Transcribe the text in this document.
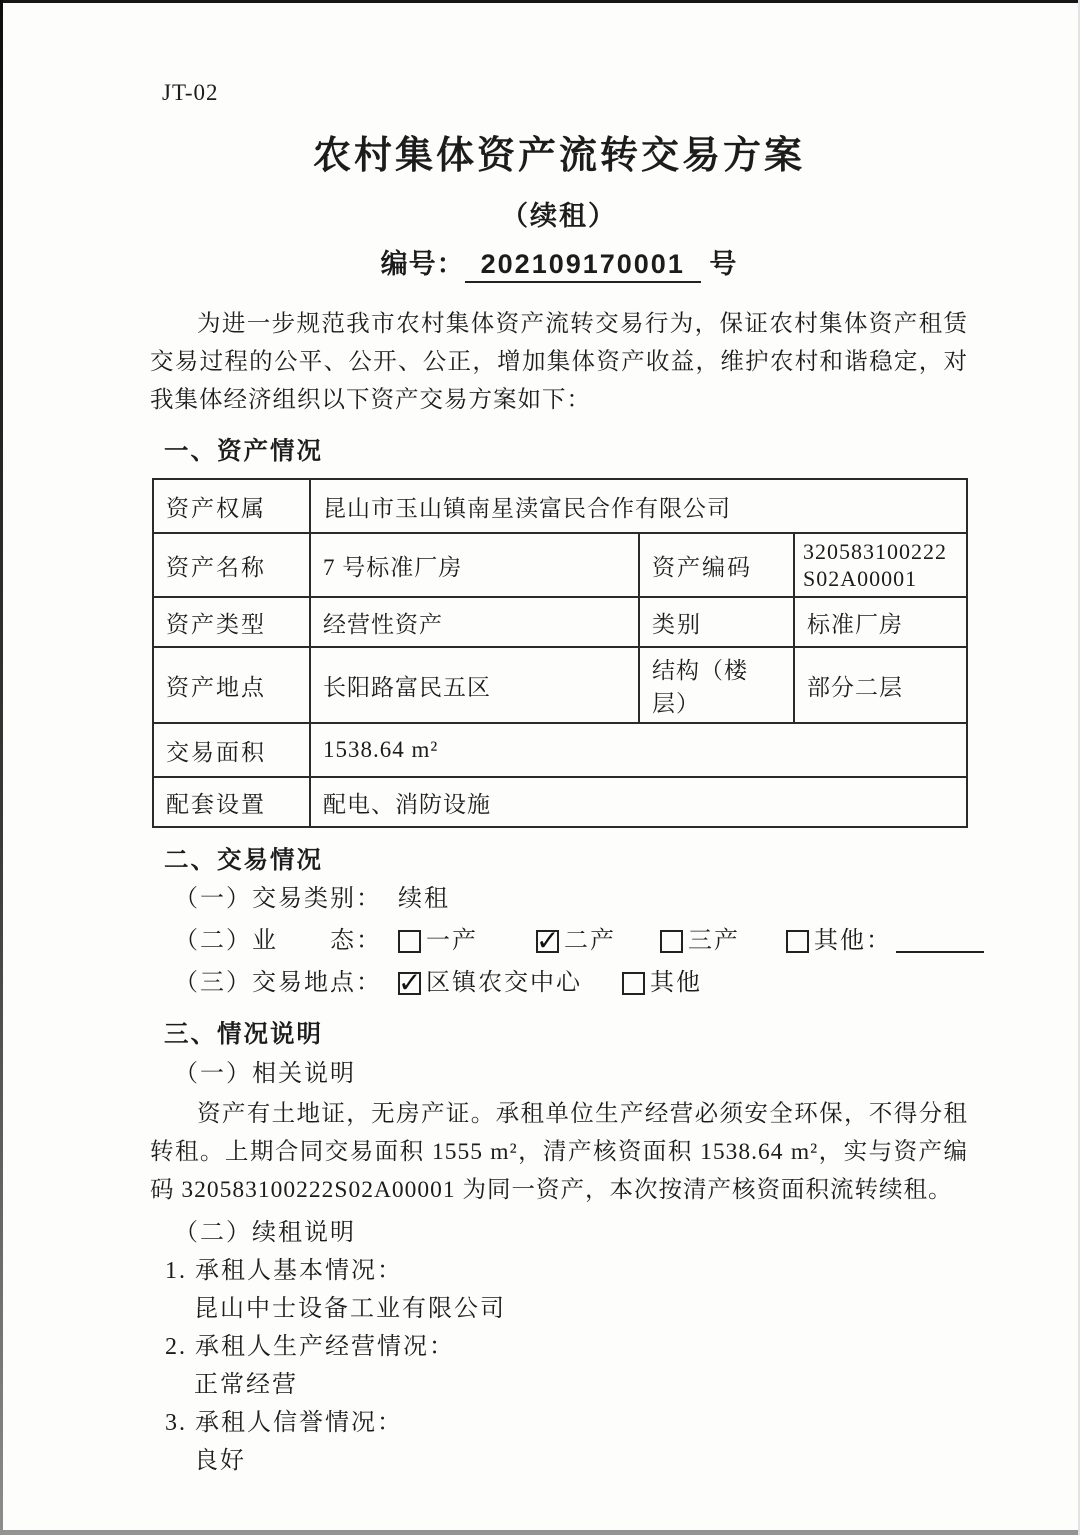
JT-02
农村集体资产流转交易方案
（续租）
编号： 202109170001 号

为进一步规范我市农村集体资产流转交易行为，保证农村集体资产租赁交易过程的公平、公开、公正，增加集体资产收益，维护农村和谐稳定，对我集体经济组织以下资产交易方案如下：

一、资产情况
资产权属	昆山市玉山镇南星渎富民合作有限公司		
资产名称	7 号标准厂房	资产编码	320583100222S02A00001
资产类型	经营性资产	类别	标准厂房
资产地点	长阳路富民五区	结构（楼层）	部分二层
交易面积	1538.64 m²		
配套设置	配电、消防设施		
二、交易情况
（一）交易类别： 续租
（二）业　　态：	一产 ✓	二产	三产	其他：
（三）交易地点： ✓	区镇农交中心	其他
三、情况说明
（一）相关说明

资产有土地证，无房产证。承租单位生产经营必须安全环保，不得分租转租。上期合同交易面积 1555 m²，清产核资面积 1538.64 m²，实与资产编码 320583100222S02A00001 为同一资产，本次按清产核资面积流转续租。

（二）续租说明
1. 承租人基本情况：
昆山中士设备工业有限公司
2. 承租人生产经营情况：
正常经营
3. 承租人信誉情况：
良好
